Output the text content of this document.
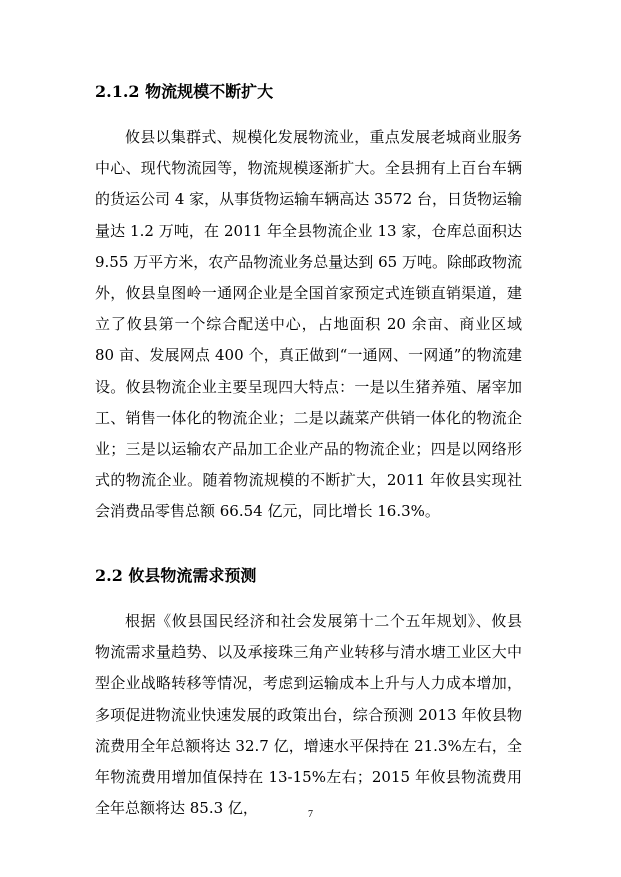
2.1.2 物流规模不断扩大

攸县以集群式、规模化发展物流业，重点发展老城商业服务中心、现代物流园等，物流规模逐渐扩大。全县拥有上百台车辆的货运公司 4 家，从事货物运输车辆高达 3572 台，日货物运输量达 1.2 万吨，在 2011 年全县物流企业 13 家，仓库总面积达 9.55 万平方米，农产品物流业务总量达到 65 万吨。除邮政物流外，攸县皇图岭一通网企业是全国首家预定式连锁直销渠道，建立了攸县第一个综合配送中心，占地面积 20 余亩、商业区域 80 亩、发展网点 400 个，真正做到“一通网、一网通”的物流建设。攸县物流企业主要呈现四大特点：一是以生猪养殖、屠宰加工、销售一体化的物流企业；二是以蔬菜产供销一体化的物流企业；三是以运输农产品加工企业产品的物流企业；四是以网络形式的物流企业。随着物流规模的不断扩大，2011 年攸县实现社会消费品零售总额 66.54 亿元，同比增长 16.3%。

2.2 攸县物流需求预测

根据《攸县国民经济和社会发展第十二个五年规划》、攸县物流需求量趋势、以及承接珠三角产业转移与清水塘工业区大中型企业战略转移等情况，考虑到运输成本上升与人力成本增加，多项促进物流业快速发展的政策出台，综合预测 2013 年攸县物流费用全年总额将达 32.7 亿，增速水平保持在 21.3%左右，全年物流费用增加值保持在 13-15%左右；2015 年攸县物流费用全年总额将达 85.3 亿，	7
